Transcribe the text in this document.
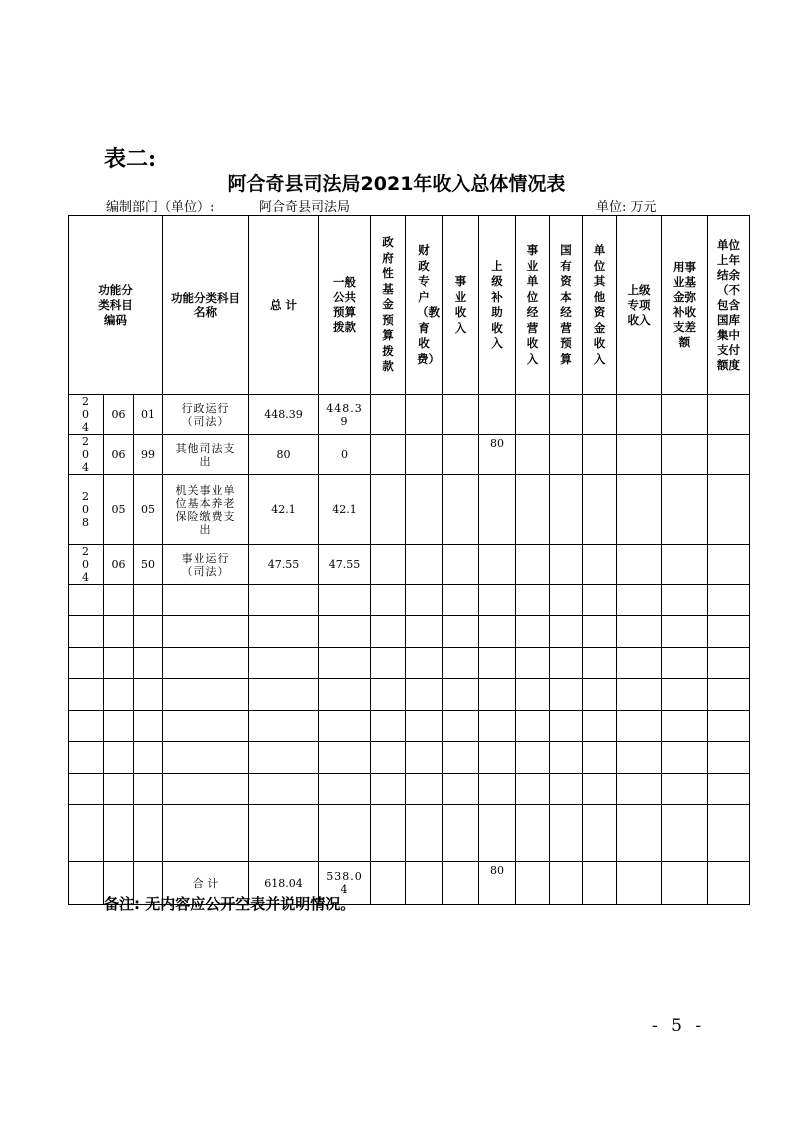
表二:
阿合奇县司法局2021年收入总体情况表
编制部门（单位）:	阿合奇县司法局	单位: 万元
功能分类科目编码			功能分类科目名称	总 计	一般公共预算拨款	政府性基金预算拨款	财政专户（教育收费）	事业收入	上级补助收入	事业单位经营收入	国有资本经营预算	单位其他资金收入	上级专项收入	用事业基金弥补收支差额	单位上年结余（不包含国库集中支付额度
204	06	01	行政运行（司法）	448.39	448.39										
204	06	99	其他司法支出	80	0				80						
208	05	05	机关事业单位基本养老保险缴费支出	42.1	42.1										
204	06	50	事业运行（司法）	47.55	47.55										

			合 计	618.04	538.04				80						
备注: 无内容应公开空表并说明情况。
- 5 -
